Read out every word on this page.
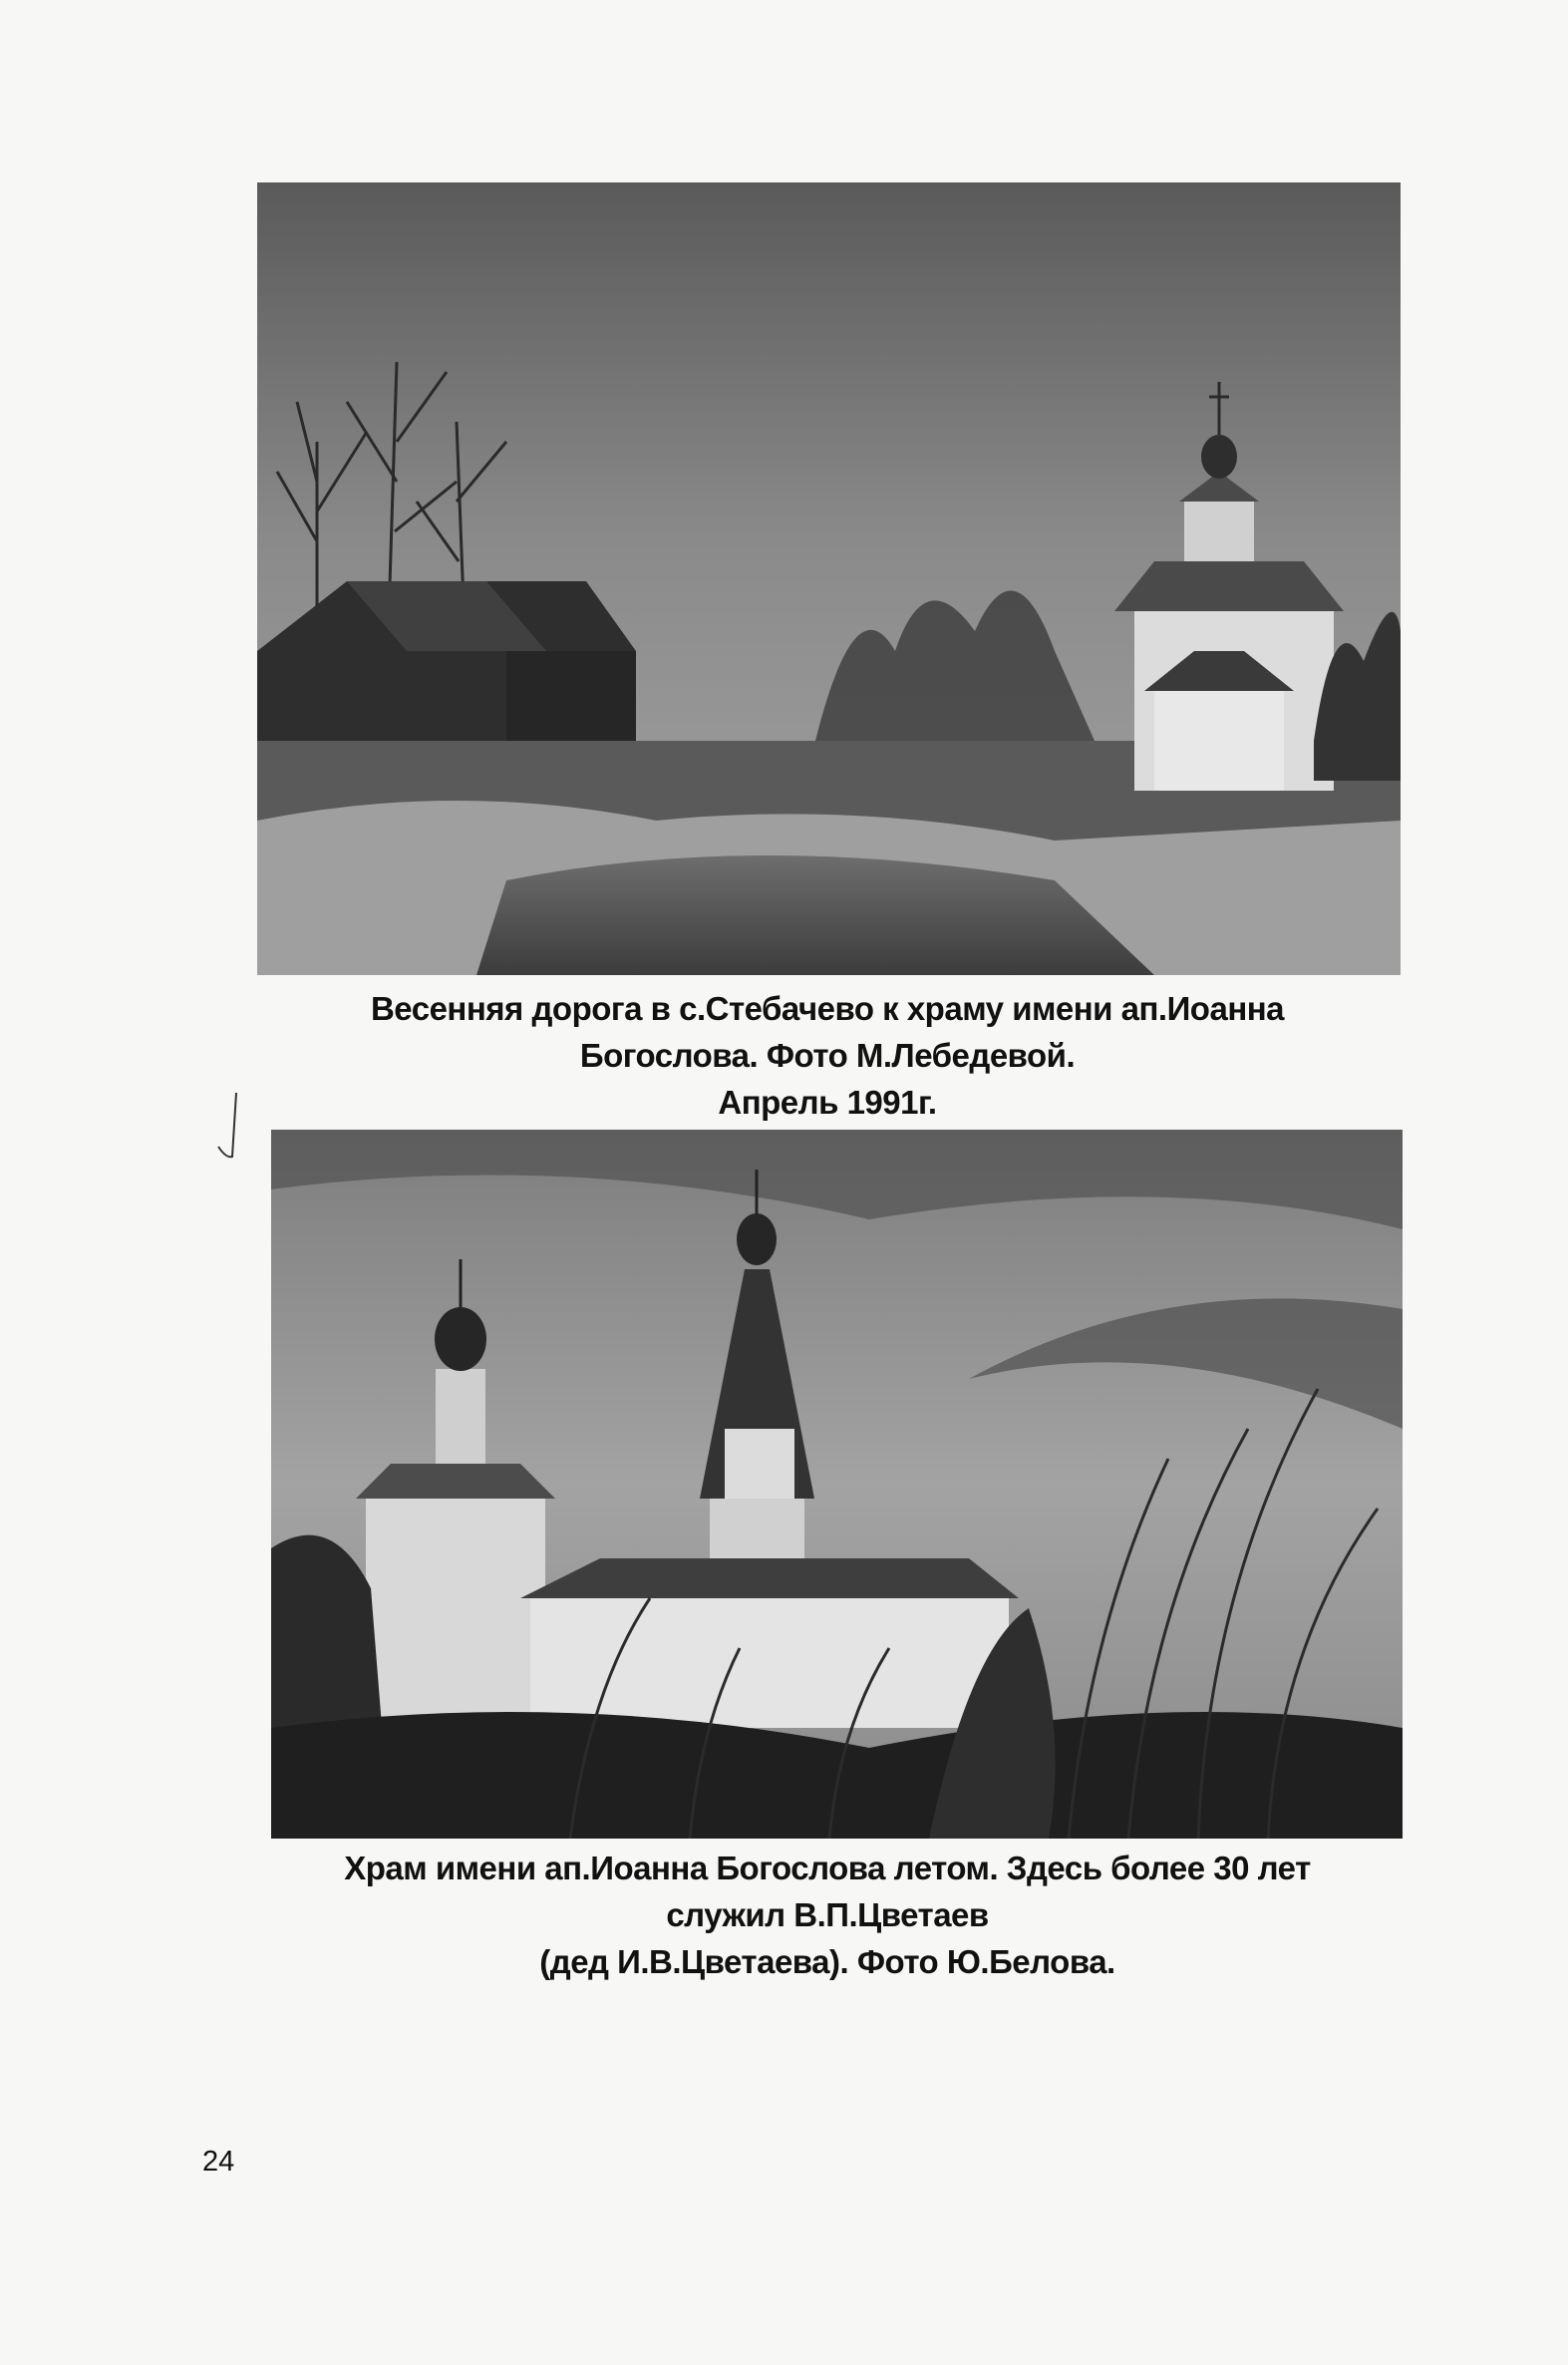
Весенняя дорога в с.Стебачево к храму имени ап.Иоанна
Богослова. Фото М.Лебедевой.
Апрель 1991г.
Храм имени ап.Иоанна Богослова летом. Здесь более 30 лет
служил В.П.Цветаев
(дед И.В.Цветаева). Фото Ю.Белова.
24
